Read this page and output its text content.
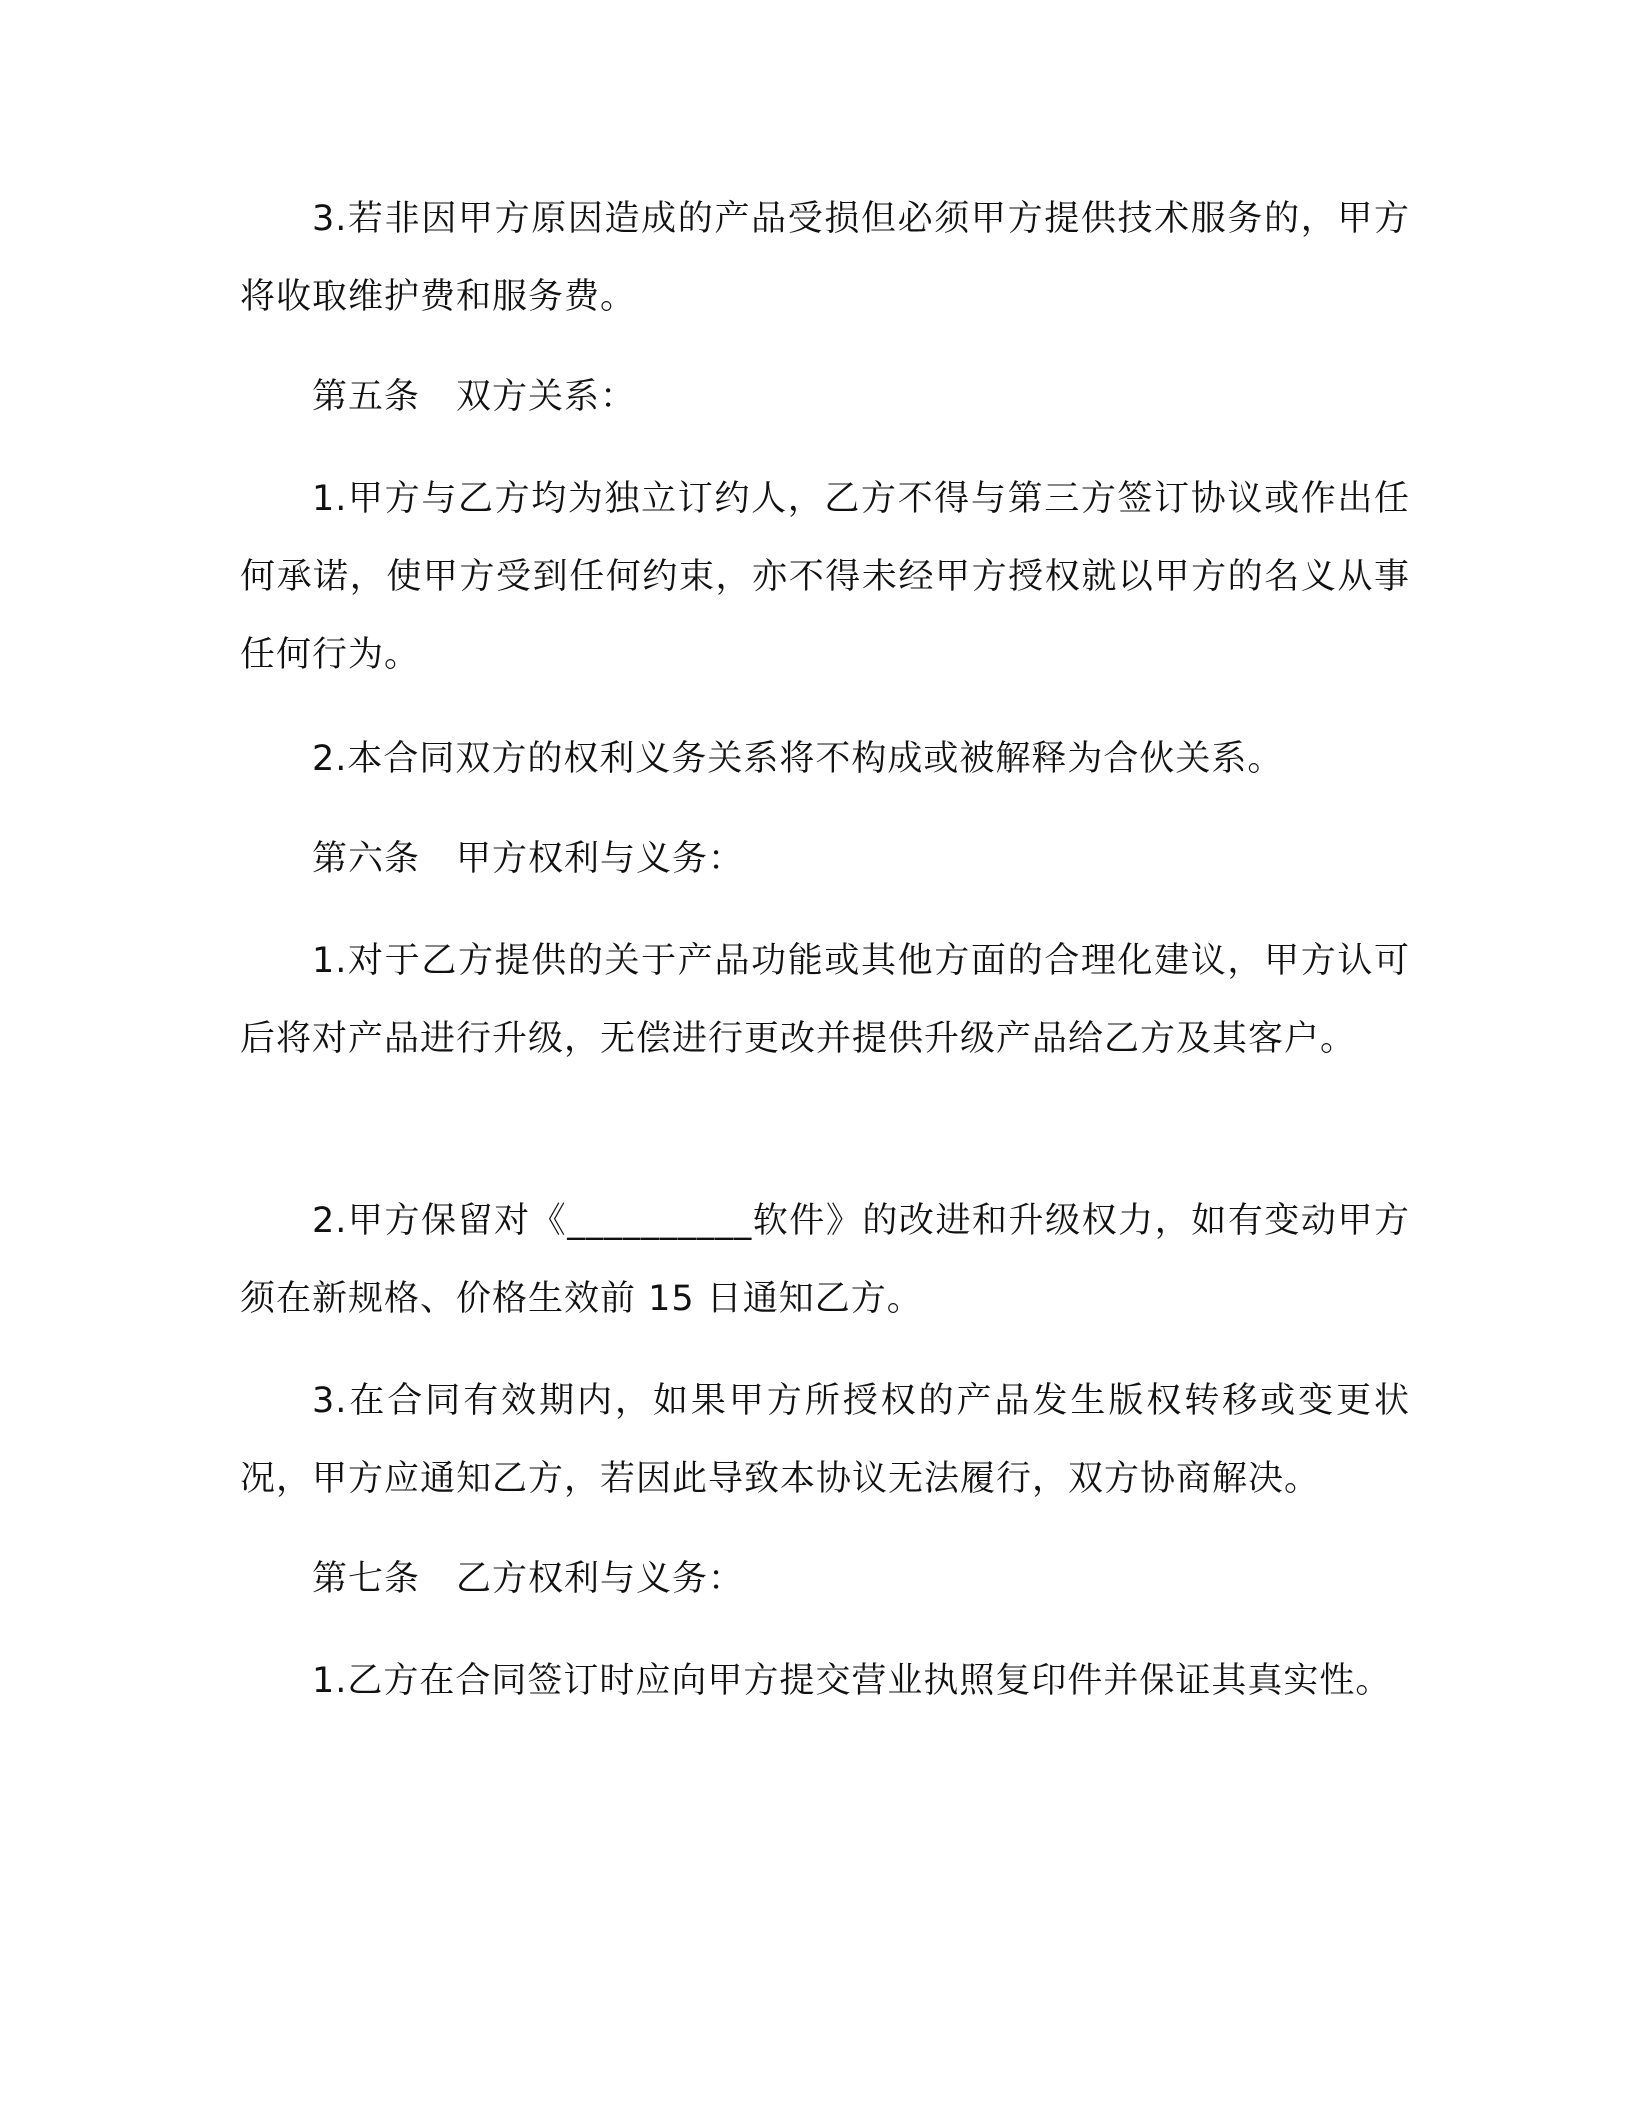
3.若非因甲方原因造成的产品受损但必须甲方提供技术服务的，甲方将收取维护费和服务费。

第五条　双方关系：

1.甲方与乙方均为独立订约人，乙方不得与第三方签订协议或作出任何承诺，使甲方受到任何约束，亦不得未经甲方授权就以甲方的名义从事任何行为。

2.本合同双方的权利义务关系将不构成或被解释为合伙关系。

第六条　甲方权利与义务：

1.对于乙方提供的关于产品功能或其他方面的合理化建议，甲方认可后将对产品进行升级，无偿进行更改并提供升级产品给乙方及其客户。

2.甲方保留对《__________软件》的改进和升级权力，如有变动甲方须在新规格、价格生效前 15 日通知乙方。

3.在合同有效期内，如果甲方所授权的产品发生版权转移或变更状况，甲方应通知乙方，若因此导致本协议无法履行，双方协商解决。

第七条　乙方权利与义务：

1.乙方在合同签订时应向甲方提交营业执照复印件并保证其真实性。
